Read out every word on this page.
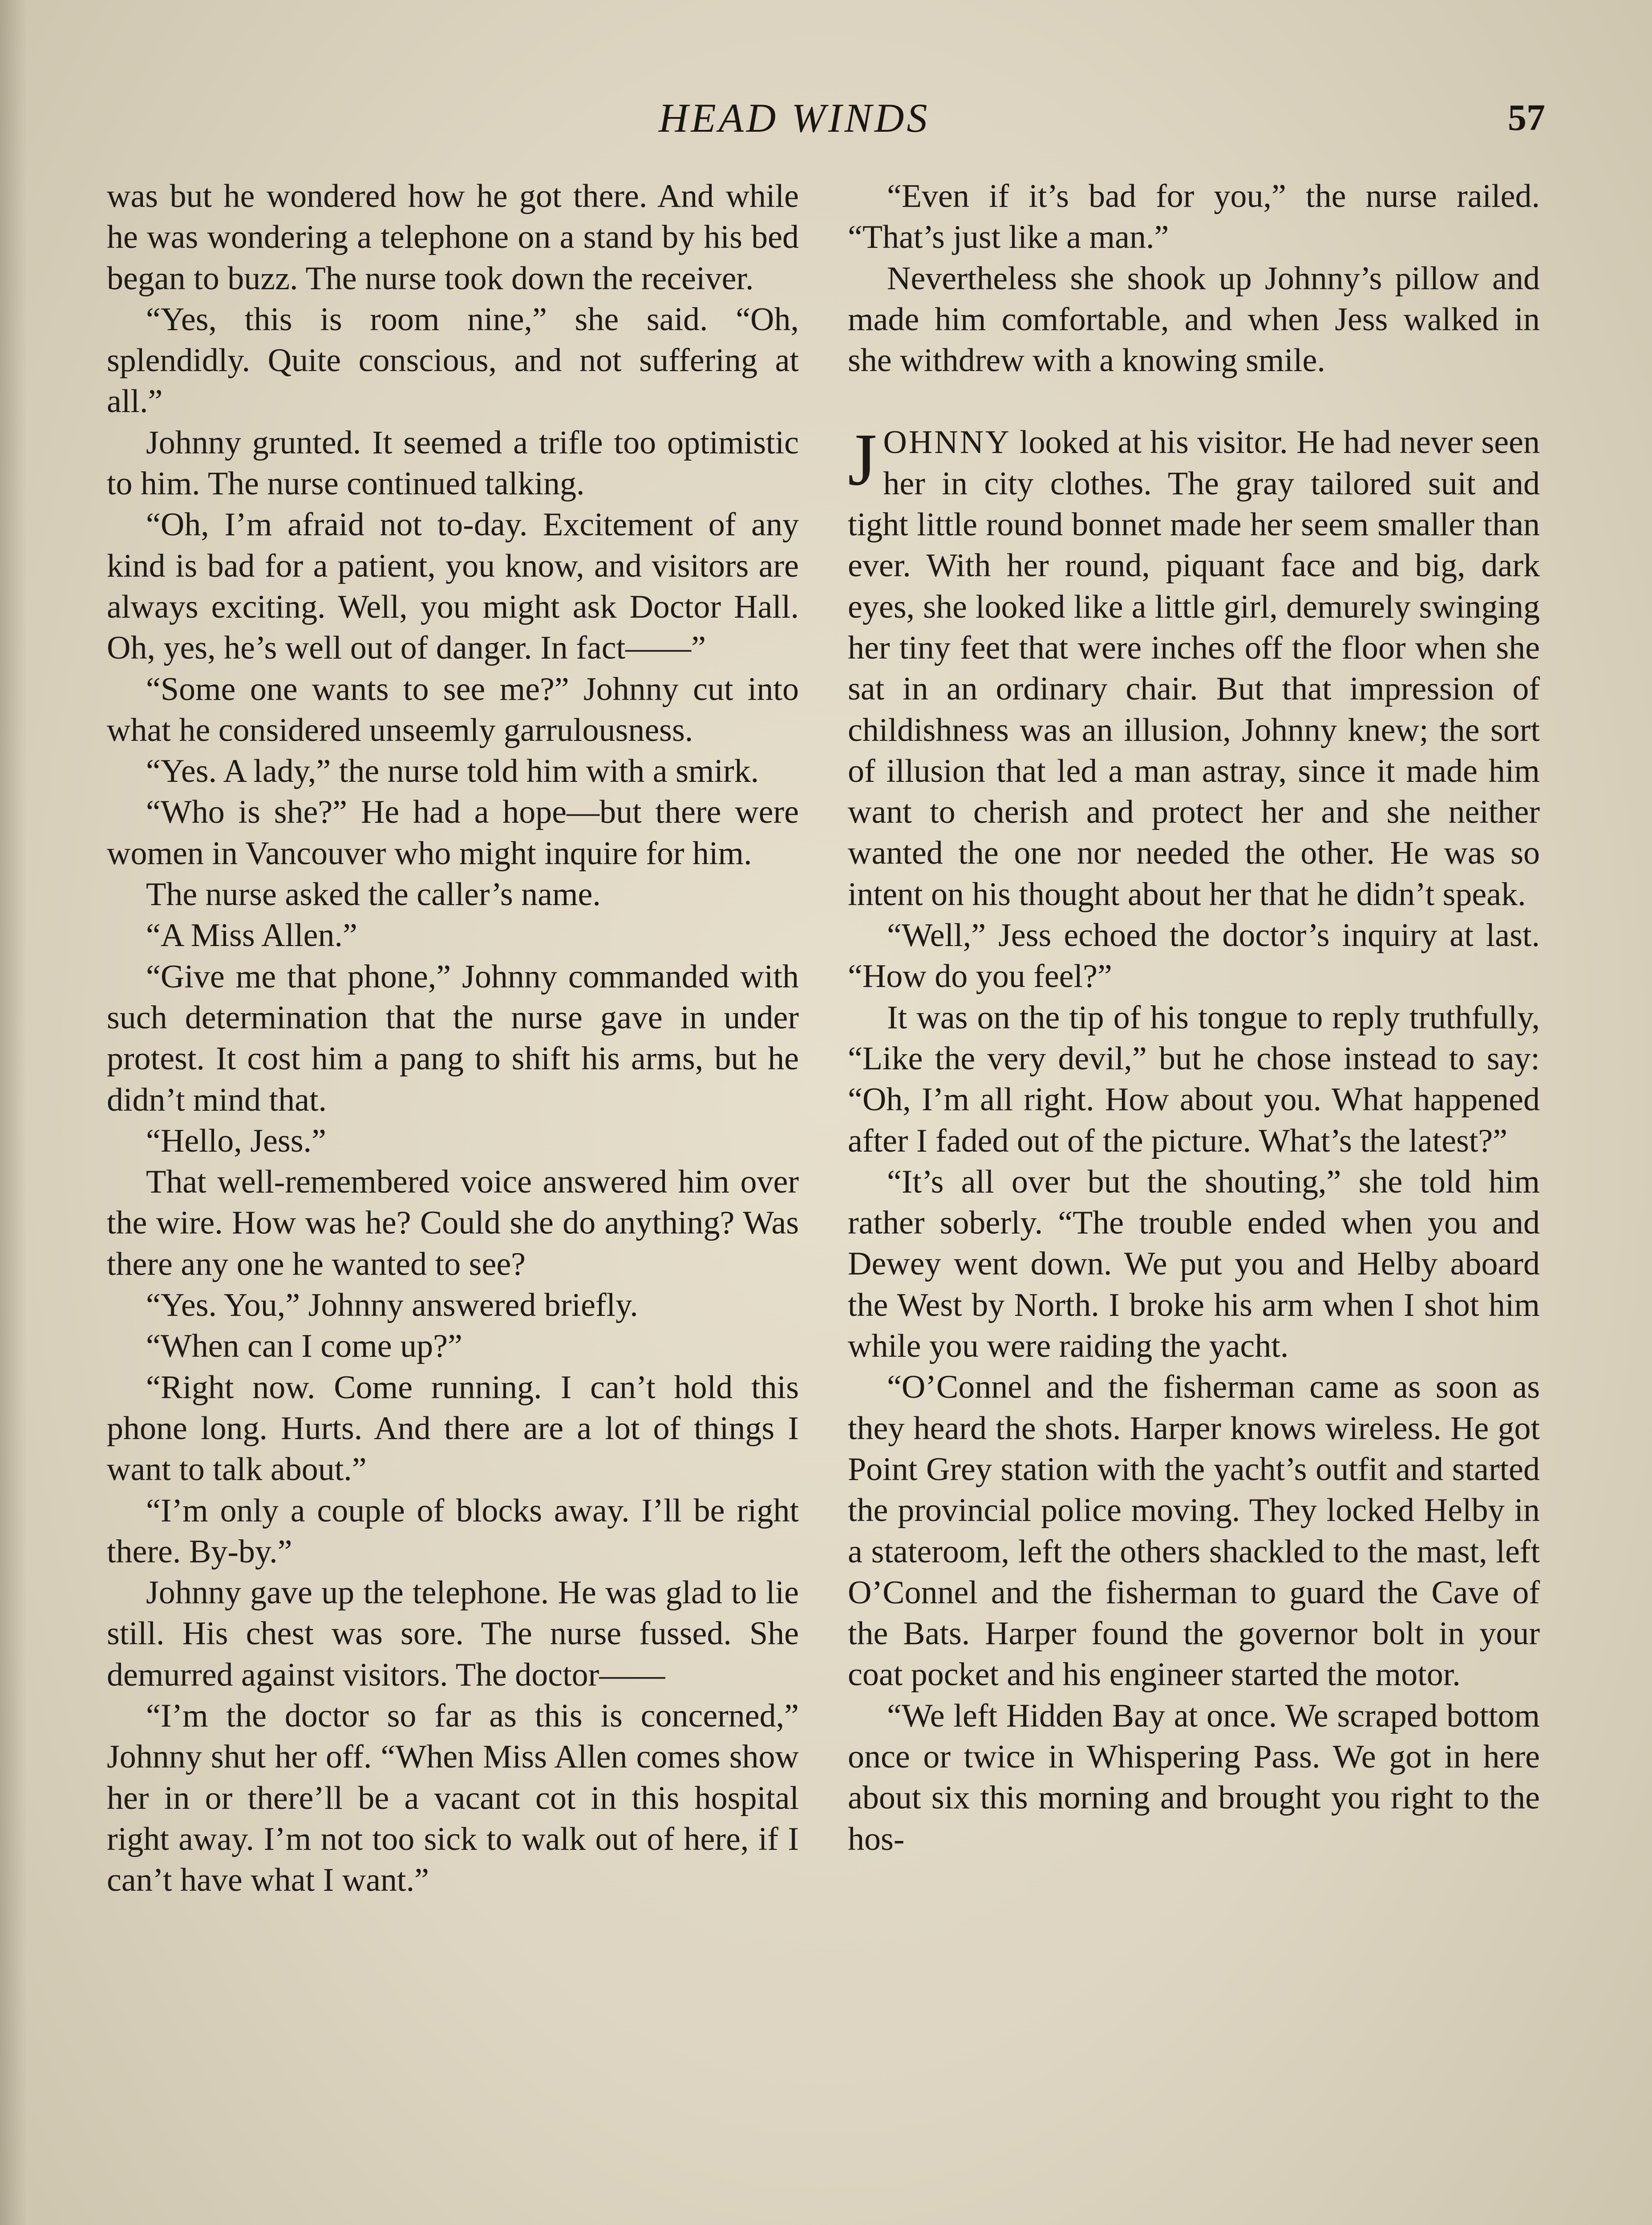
HEAD WINDS	57

was but he wondered how he got there. And while he was wondering a telephone on a stand by his bed began to buzz. The nurse took down the receiver.

“Yes, this is room nine,” she said. “Oh, splendidly. Quite conscious, and not suffering at all.”

Johnny grunted. It seemed a trifle too optimistic to him. The nurse continued talking.

“Oh, I’m afraid not to-day. Excitement of any kind is bad for a patient, you know, and visitors are always exciting. Well, you might ask Doctor Hall. Oh, yes, he’s well out of danger. In fact——”

“Some one wants to see me?” Johnny cut into what he considered unseemly garrulousness.

“Yes. A lady,” the nurse told him with a smirk.

“Who is she?” He had a hope—but there were women in Vancouver who might inquire for him.

The nurse asked the caller’s name.

“A Miss Allen.”

“Give me that phone,” Johnny commanded with such determination that the nurse gave in under protest. It cost him a pang to shift his arms, but he didn’t mind that.

“Hello, Jess.”

That well-remembered voice answered him over the wire. How was he? Could she do anything? Was there any one he wanted to see?

“Yes. You,” Johnny answered briefly.

“When can I come up?”

“Right now. Come running. I can’t hold this phone long. Hurts. And there are a lot of things I want to talk about.”

“I’m only a couple of blocks away. I’ll be right there. By-by.”

Johnny gave up the telephone. He was glad to lie still. His chest was sore. The nurse fussed. She demurred against visitors. The doctor——

“I’m the doctor so far as this is concerned,” Johnny shut her off. “When Miss Allen comes show her in or there’ll be a vacant cot in this hospital right away. I’m not too sick to walk out of here, if I can’t have what I want.”

“Even if it’s bad for you,” the nurse railed. “That’s just like a man.”

Nevertheless she shook up Johnny’s pillow and made him comfortable, and when Jess walked in she withdrew with a knowing smile.

JOHNNY looked at his visitor. He had never seen her in city clothes. The gray tailored suit and tight little round bonnet made her seem smaller than ever. With her round, piquant face and big, dark eyes, she looked like a little girl, demurely swinging her tiny feet that were inches off the floor when she sat in an ordinary chair. But that impression of childishness was an illusion, Johnny knew; the sort of illusion that led a man astray, since it made him want to cherish and protect her and she neither wanted the one nor needed the other. He was so intent on his thought about her that he didn’t speak.

“Well,” Jess echoed the doctor’s inquiry at last. “How do you feel?”

It was on the tip of his tongue to reply truthfully, “Like the very devil,” but he chose instead to say: “Oh, I’m all right. How about you. What happened after I faded out of the picture. What’s the latest?”

“It’s all over but the shouting,” she told him rather soberly. “The trouble ended when you and Dewey went down. We put you and Helby aboard the West by North. I broke his arm when I shot him while you were raiding the yacht.

“O’Connel and the fisherman came as soon as they heard the shots. Harper knows wireless. He got Point Grey station with the yacht’s outfit and started the provincial police moving. They locked Helby in a stateroom, left the others shackled to the mast, left O’Connel and the fisherman to guard the Cave of the Bats. Harper found the governor bolt in your coat pocket and his engineer started the motor.

“We left Hidden Bay at once. We scraped bottom once or twice in Whispering Pass. We got in here about six this morning and brought you right to the hos-
